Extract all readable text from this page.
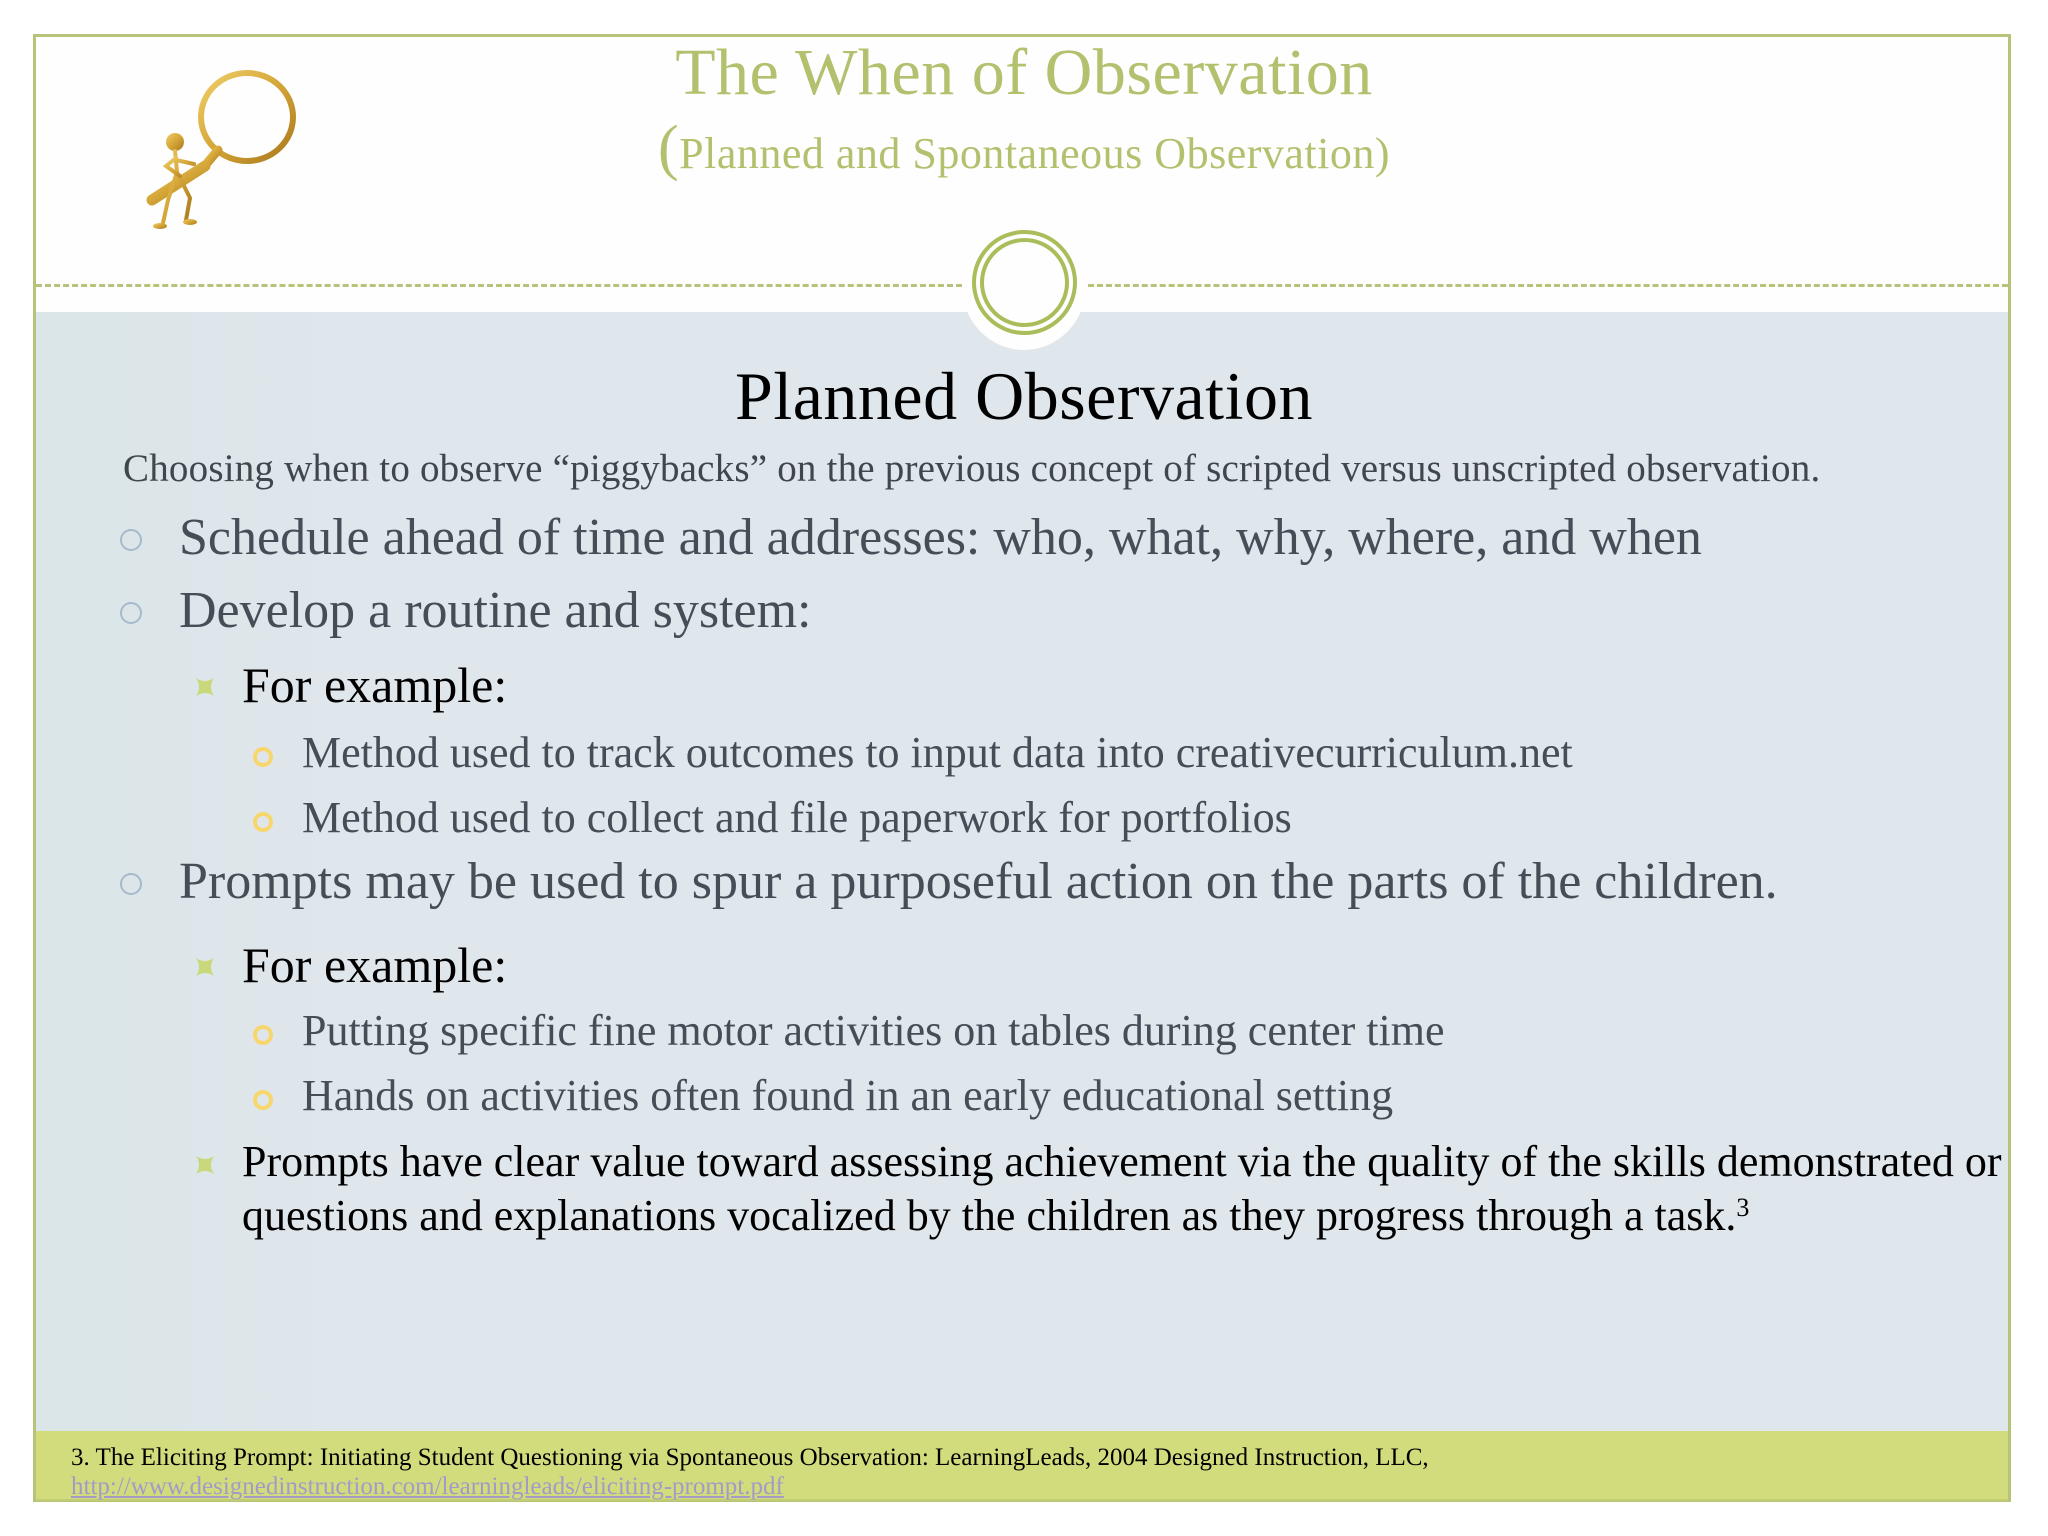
The When of Observation
(Planned and Spontaneous Observation)
Planned Observation
Choosing when to observe “piggybacks” on the previous concept of scripted versus unscripted observation.
Schedule ahead of time and addresses: who, what, why, where, and when
Develop a routine and system:
For example:
Method used to track outcomes to input data into creativecurriculum.net
Method used to collect and file paperwork for portfolios
Prompts may be used to spur a purposeful action on the parts of the children.
For example:
Putting specific fine motor activities on tables during center time
Hands on activities often found in an early educational setting
Prompts have clear value toward assessing achievement via the quality of the skills demonstrated or questions and explanations vocalized by the children as they progress through a task.$^3$
3. The Eliciting Prompt: Initiating Student Questioning via Spontaneous Observation: LearningLeads, 2004 Designed Instruction, LLC,
http://www.designedinstruction.com/learningleads/eliciting-prompt.pdf
